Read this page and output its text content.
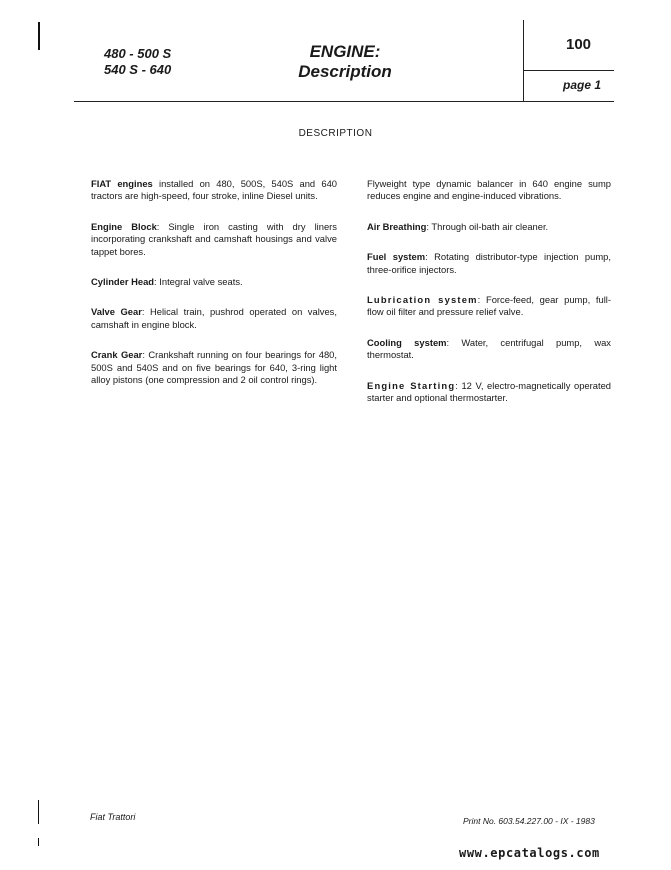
480 - 500 S
540 S - 640
ENGINE:
Description
100
page 1
DESCRIPTION

FIAT engines installed on 480, 500S, 540S and 640 tractors are high-speed, four stroke, inline Diesel units.

Engine Block: Single iron casting with dry liners incorporating crankshaft and camshaft housings and valve tappet bores.

Cylinder Head: Integral valve seats.

Valve Gear: Helical train, pushrod operated on valves, camshaft in engine block.

Crank Gear: Crankshaft running on four bearings for 480, 500S and 540S and on five bearings for 640, 3-ring light alloy pistons (one compression and 2 oil control rings).

Flyweight type dynamic balancer in 640 engine sump reduces engine and engine-induced vibrations.

Air Breathing: Through oil-bath air cleaner.

Fuel system: Rotating distributor-type injection pump, three-orifice injectors.

Lubrication system: Force-feed, gear pump, full-flow oil filter and pressure relief valve.

Cooling system: Water, centrifugal pump, wax thermostat.

Engine Starting: 12 V, electro-magnetically operated starter and optional thermostarter.

Fiat Trattori	Print No. 603.54.227.00 - IX - 1983
www.epcatalogs.com
